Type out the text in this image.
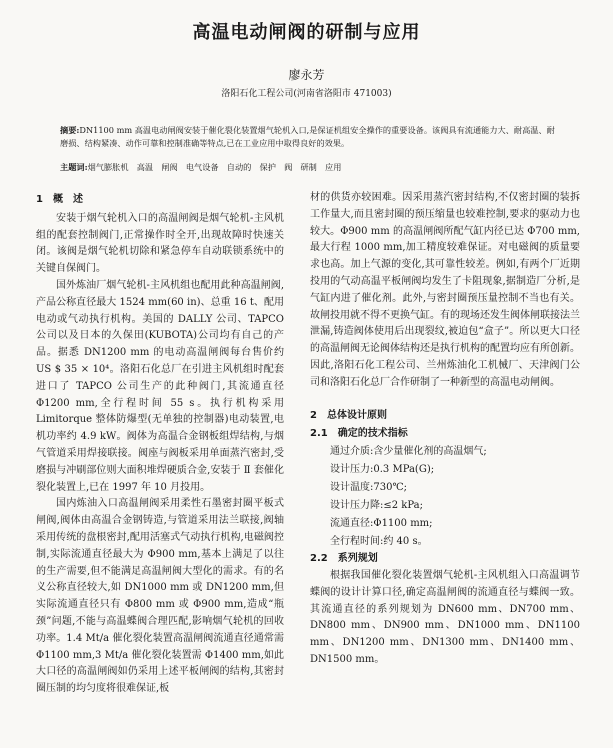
高温电动闸阀的研制与应用
廖永芳
洛阳石化工程公司(河南省洛阳市 471003)
摘要:DN1100 mm 高温电动闸阀安装于催化裂化装置烟气轮机入口,是保证机组安全操作的重要设备。该阀具有流通能力大、耐高温、耐磨损、结构紧凑、动作可靠和控制准确等特点,已在工业应用中取得良好的效果。
主题词:烟气膨胀机　高温　闸阀　电气设备　自动的　保护　阀　研制　应用
1　概　述

安装于烟气轮机入口的高温闸阀是烟气轮机-主风机组的配套控制阀门,正常操作时全开,出现故障时快速关闭。该阀是烟气轮机切除和紧急停车自动联锁系统中的关键自保阀门。

国外炼油厂烟气轮机-主风机组也配用此种高温闸阀,产品公称直径最大 1524 mm(60 in)、总重 16 t、配用电动或气动执行机构。美国的 DALLY 公司、TAPCO 公司以及日本的久保田(KUBOTA)公司均有自己的产品。据悉 DN1200 mm 的电动高温闸阀每台售价约 US $ 35 × 10⁴。洛阳石化总厂在引进主风机组时配套进口了 TAPCO 公司生产的此种阀门,其流通直径 Φ1200 mm,全行程时间 55 s。执行机构采用 Limitorque 整体防爆型(无单独的控制器)电动装置,电机功率约 4.9 kW。阀体为高温合金钢板组焊结构,与烟气管道采用焊接联接。阀座与阀板采用单面蒸汽密封,受磨损与冲刷部位则大面积堆焊硬质合金,安装于 Ⅱ 套催化裂化装置上,已在 1997 年 10 月投用。

国内炼油入口高温闸阀采用柔性石墨密封圈平板式闸阀,阀体由高温合金钢铸造,与管道采用法兰联接,阀轴采用传统的盘根密封,配用活塞式气动执行机构,电磁阀控制,实际流通直径最大为 Φ900 mm,基本上满足了以往的生产需要,但不能满足高温闸阀大型化的需求。有的名义公称直径较大,如 DN1000 mm 或 DN1200 mm,但实际流通直径只有 Φ800 mm 或 Φ900 mm,造成“瓶颈”问题,不能与高温蝶阀合理匹配,影响烟气轮机的回收功率。1.4 Mt/a 催化裂化装置高温闸阀流通直径通常需 Φ1100 mm,3 Mt/a 催化裂化装置需 Φ1400 mm,如此大口径的高温闸阀如仍采用上述平板闸阀的结构,其密封圈压制的均匀度将很难保证,板

材的供货亦较困难。因采用蒸汽密封结构,不仅密封圈的装拆工作量大,而且密封圈的预压缩量也较难控制,要求的驱动力也较大。Φ900 mm 的高温闸阀所配气缸内径已达 Φ700 mm,最大行程 1000 mm,加工精度较难保证。对电磁阀的质量要求也高。加上气源的变化,其可靠性较差。例如,有两个厂近期投用的气动高温平板闸阀均发生了卡阻现象,据制造厂分析,是气缸内进了催化剂。此外,与密封圈预压量控制不当也有关。故闸投用就不得不更换气缸。有的现场还发生阀体闸联接法兰泄漏,铸造阀体使用后出现裂纹,被迫包“盒子”。所以更大口径的高温闸阀无论阀体结构还是执行机构的配置均应有所创新。因此,洛阳石化工程公司、兰州炼油化工机械厂、天津阀门公司和洛阳石化总厂合作研制了一种新型的高温电动闸阀。

2　总体设计原则
2.1　确定的技术指标
通过介质:含少量催化剂的高温烟气;
设计压力:0.3 MPa(G);
设计温度:730℃;
设计压力降:≤2 kPa;
流通直径:Φ1100 mm;
全行程时间:约 40 s。
2.2　系列规划

根据我国催化裂化装置烟气轮机-主风机组入口高温调节蝶阀的设计计算口径,确定高温闸阀的流通直径与蝶阀一致。其流通直径的系列规划为 DN600 mm、DN700 mm、DN800 mm、DN900 mm、DN1000 mm、DN1100 mm、DN1200 mm、DN1300 mm、DN1400 mm、DN1500 mm。
